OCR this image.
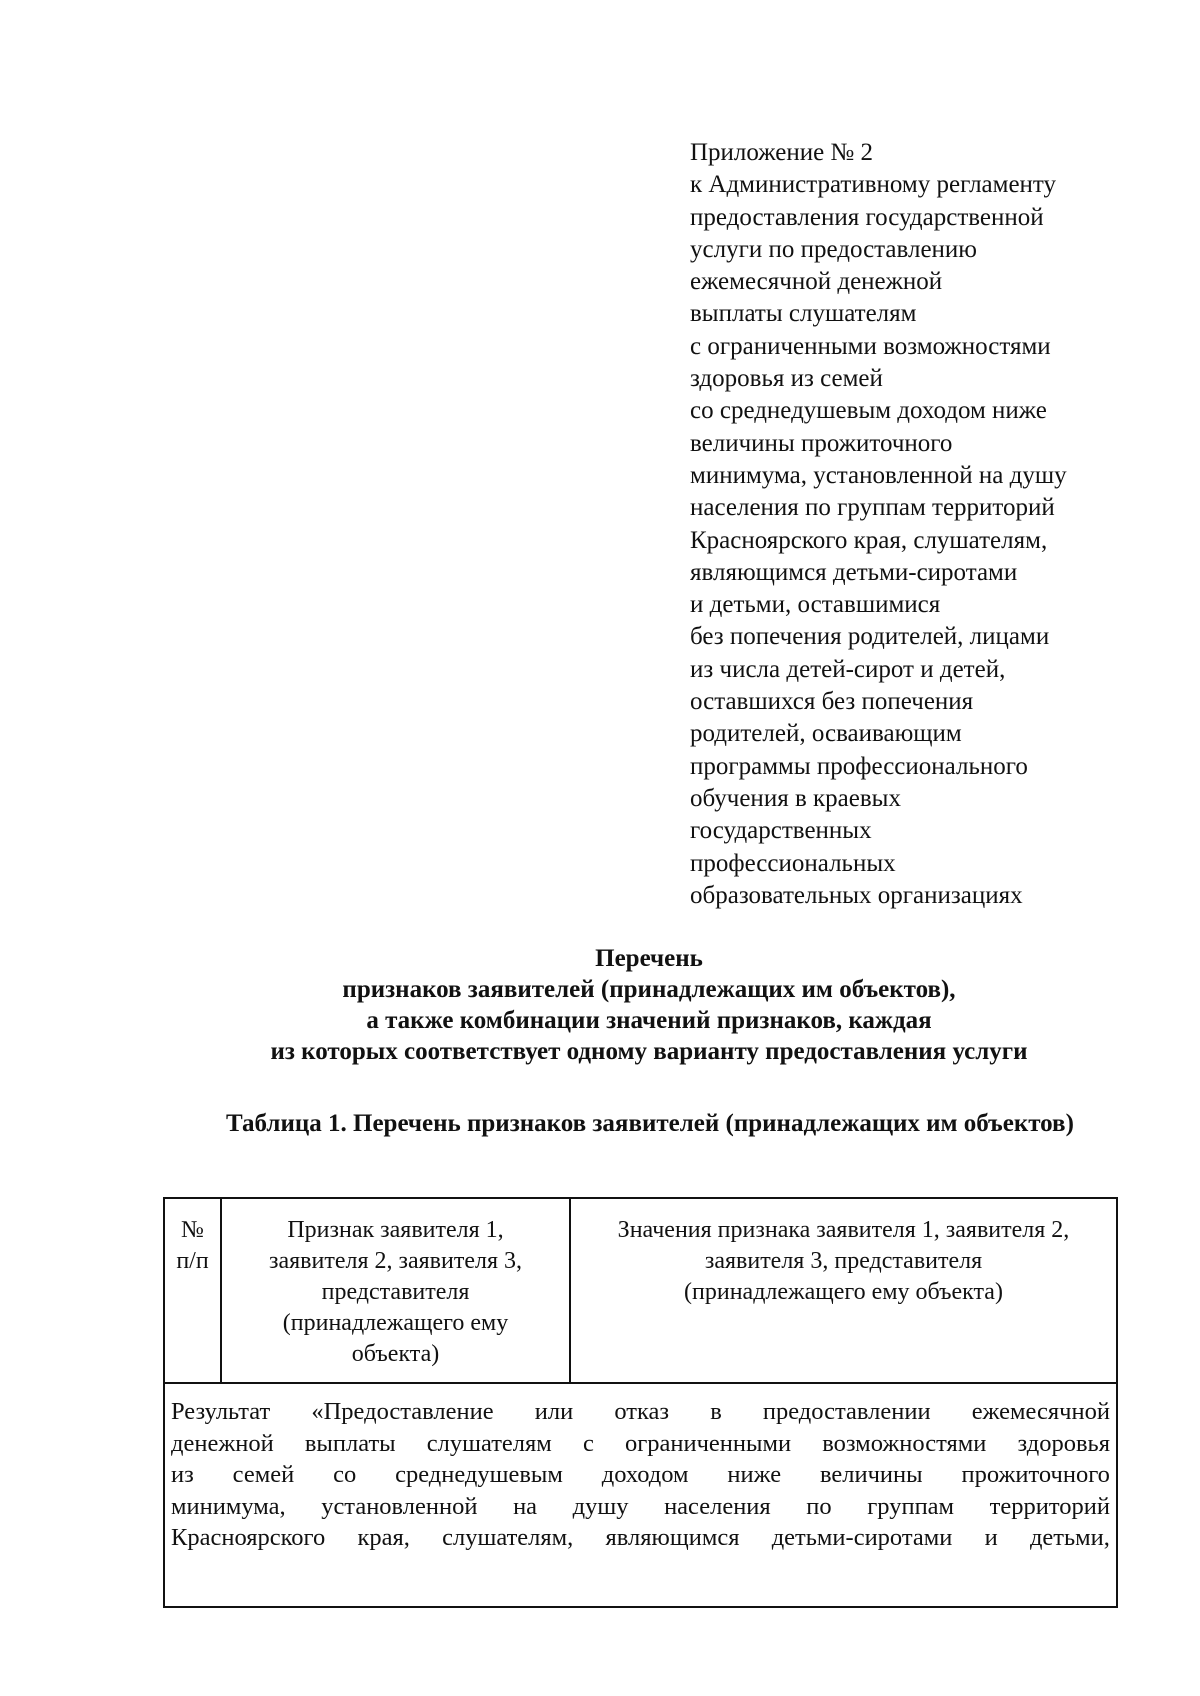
Приложение № 2
к Административному регламенту
предоставления государственной
услуги по предоставлению
ежемесячной денежной
выплаты слушателям
с ограниченными возможностями
здоровья из семей
со среднедушевым доходом ниже
величины прожиточного
минимума, установленной на душу
населения по группам территорий
Красноярского края, слушателям,
являющимся детьми-сиротами
и детьми, оставшимися
без попечения родителей, лицами
из числа детей-сирот и детей,
оставшихся без попечения
родителей, осваивающим
программы профессионального
обучения в краевых
государственных
профессиональных
образовательных организациях
Перечень
признаков заявителей (принадлежащих им объектов),
а также комбинации значений признаков, каждая
из которых соответствует одному варианту предоставления услуги
Таблица 1. Перечень признаков заявителей (принадлежащих им объектов)
№
п/п
Признак заявителя 1,
заявителя 2, заявителя 3,
представителя
(принадлежащего ему
объекта)
Значения признака заявителя 1, заявителя 2,
заявителя 3, представителя
(принадлежащего ему объекта)
Результат «Предоставление или отказ в предоставлении ежемесячной
денежной выплаты слушателям с ограниченными возможностями здоровья
из семей со среднедушевым доходом ниже величины прожиточного
минимума, установленной на душу населения по группам территорий
Красноярского края, слушателям, являющимся детьми-сиротами и детьми,
